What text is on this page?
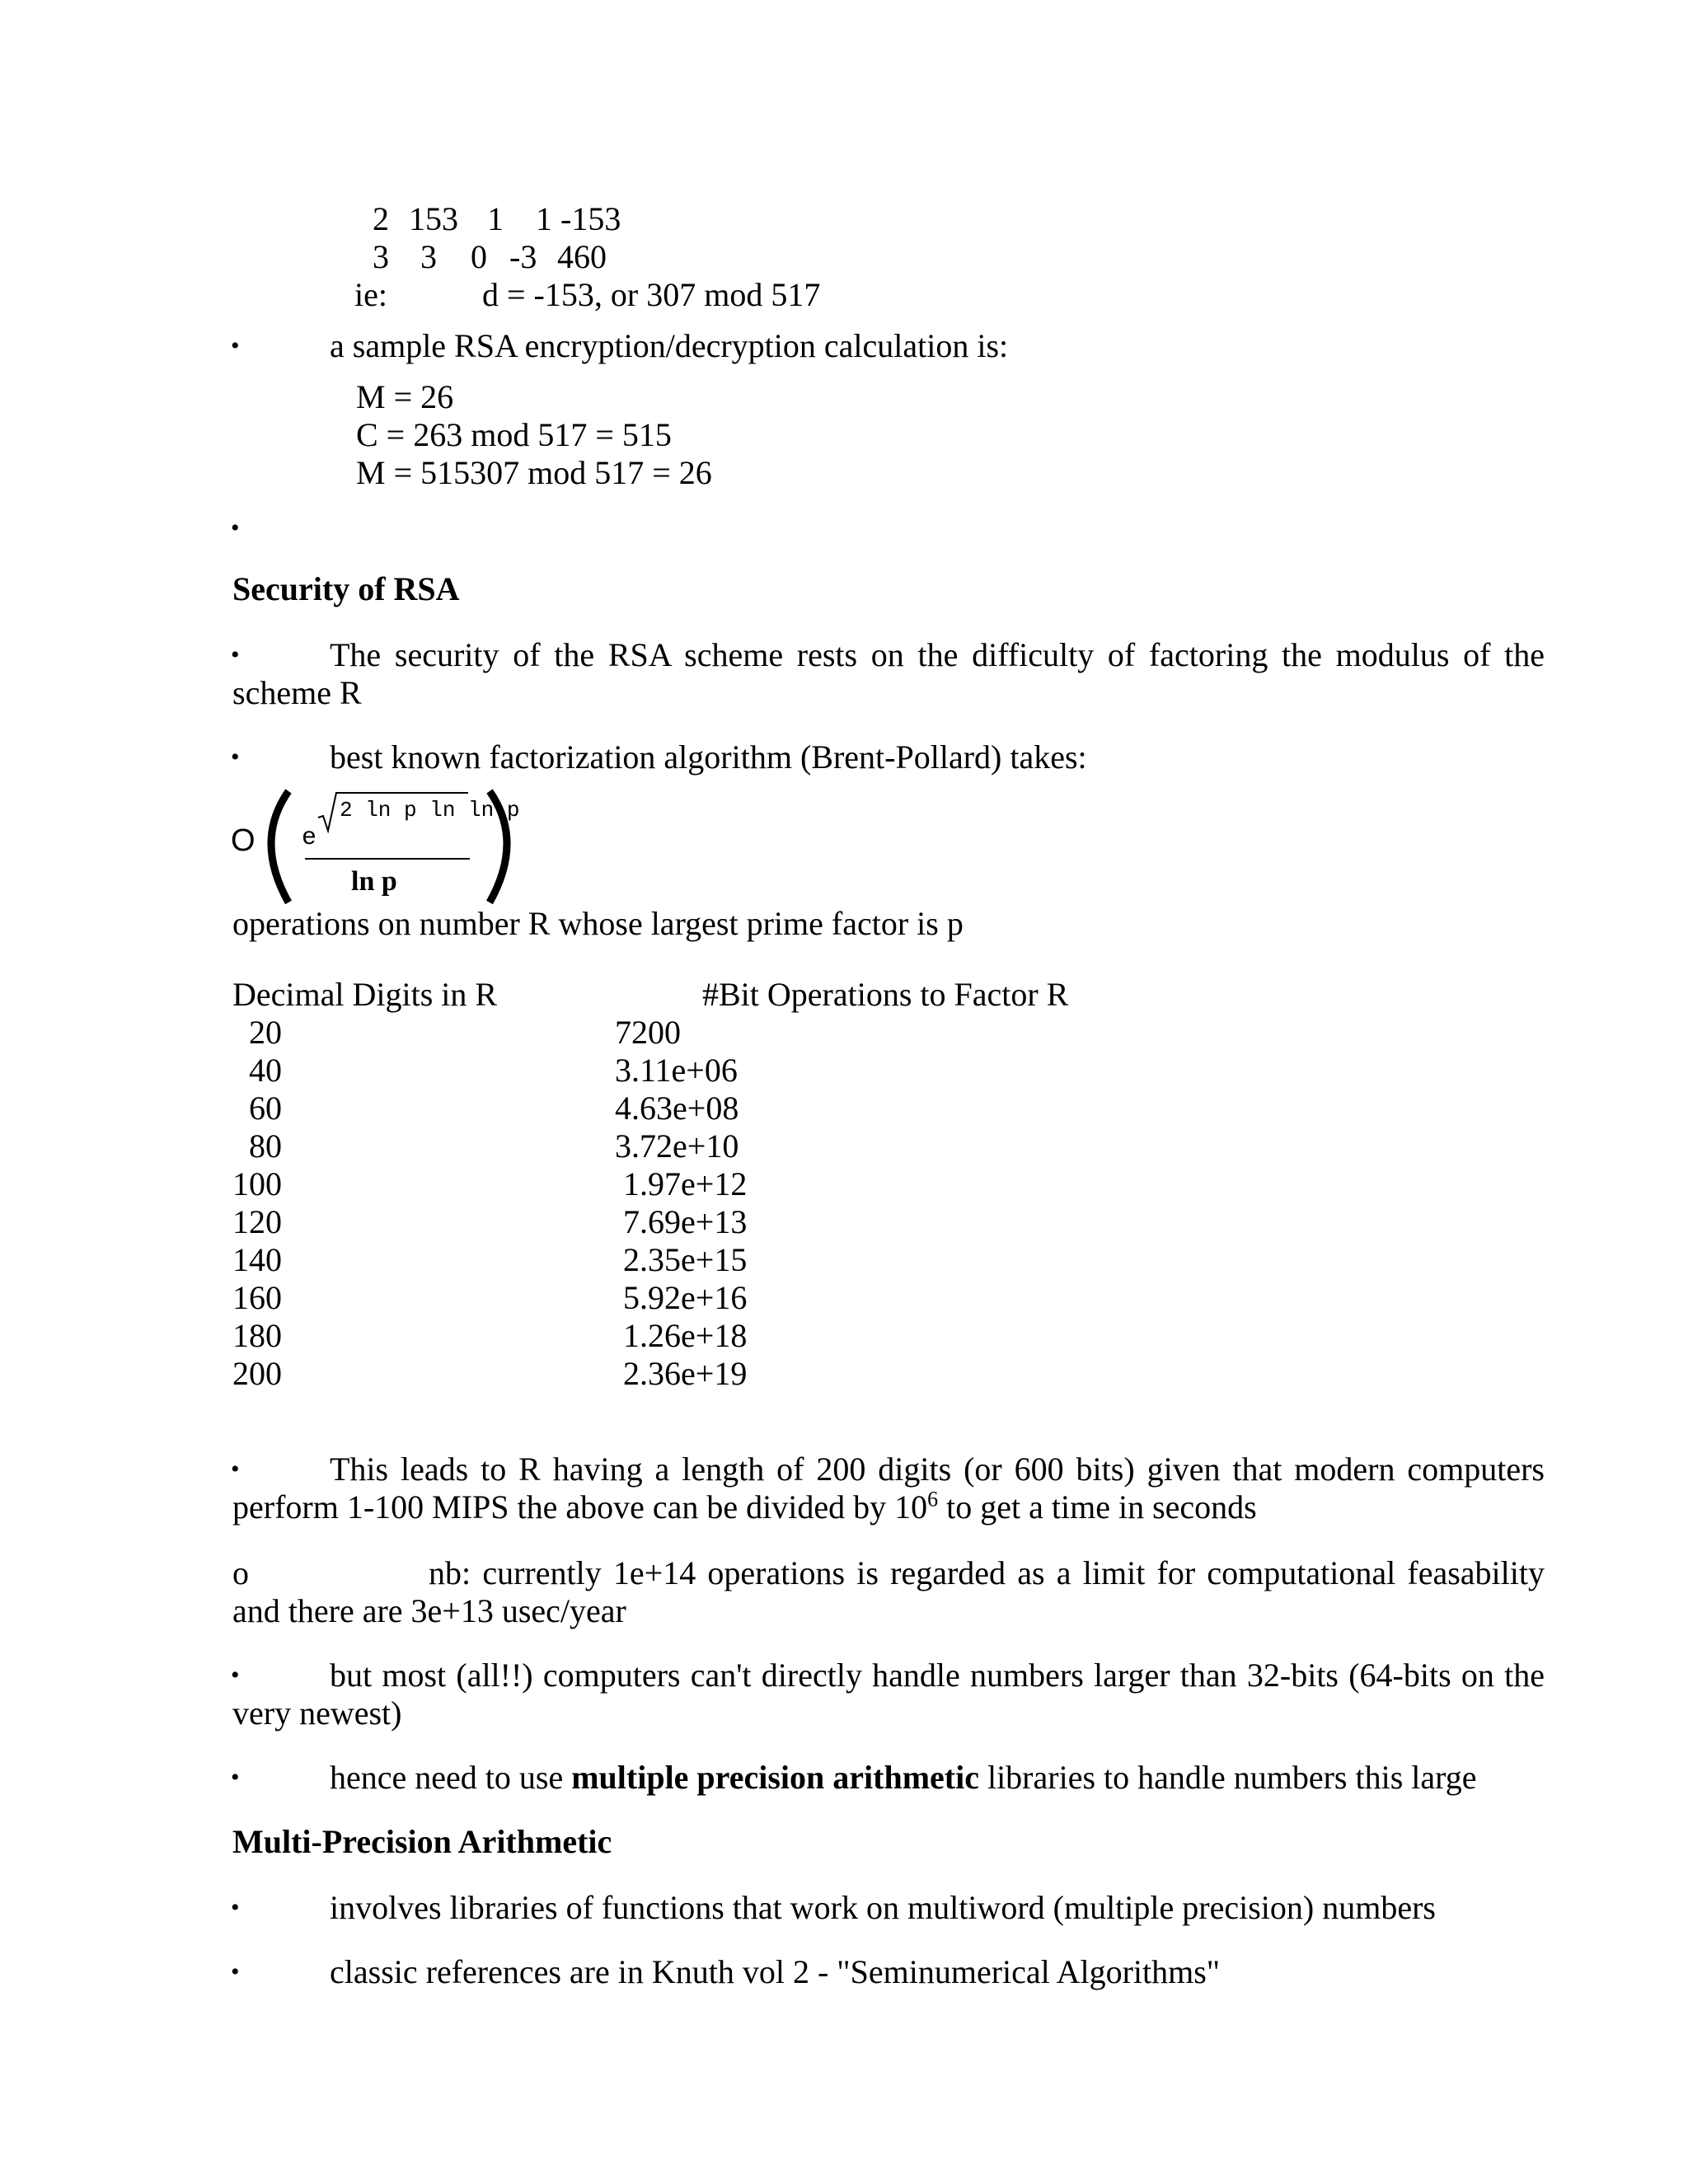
2 153 1 1 -153
3 3 0 -3 460
ie:	d = -153, or 307 mod 517
•	a sample RSA encryption/decryption calculation is:
M = 26
C = 263 mod 517 = 515
M = 515307 mod 517 = 26
•
Security of RSA
•	The security of the RSA scheme rests on the difficulty of factoring the modulus of the scheme R
•	best known factorization algorithm (Brent-Pollard) takes:
O e
2 ln p ln ln p
ln p
operations on number R whose largest prime factor is p
Decimal Digits in R	#Bit Operations to Factor R
20	7200
40	3.11e+06
60	4.63e+08
80	3.72e+10
100	1.97e+12
120	7.69e+13
140	2.35e+15
160	5.92e+16
180	1.26e+18
200	2.36e+19
•	This leads to R having a length of 200 digits (or 600 bits) given that modern computers perform 1-100 MIPS the above can be divided by $10^6$ to get a time in seconds
o	nb: currently 1e+14 operations is regarded as a limit for computational feasability and there are 3e+13 usec/year
•	but most (all!!) computers can't directly handle numbers larger than 32-bits (64-bits on the very newest)
•	hence need to use multiple precision arithmetic libraries to handle numbers this large
Multi-Precision Arithmetic
•	involves libraries of functions that work on multiword (multiple precision) numbers
•	classic references are in Knuth vol 2 - "Seminumerical Algorithms"
